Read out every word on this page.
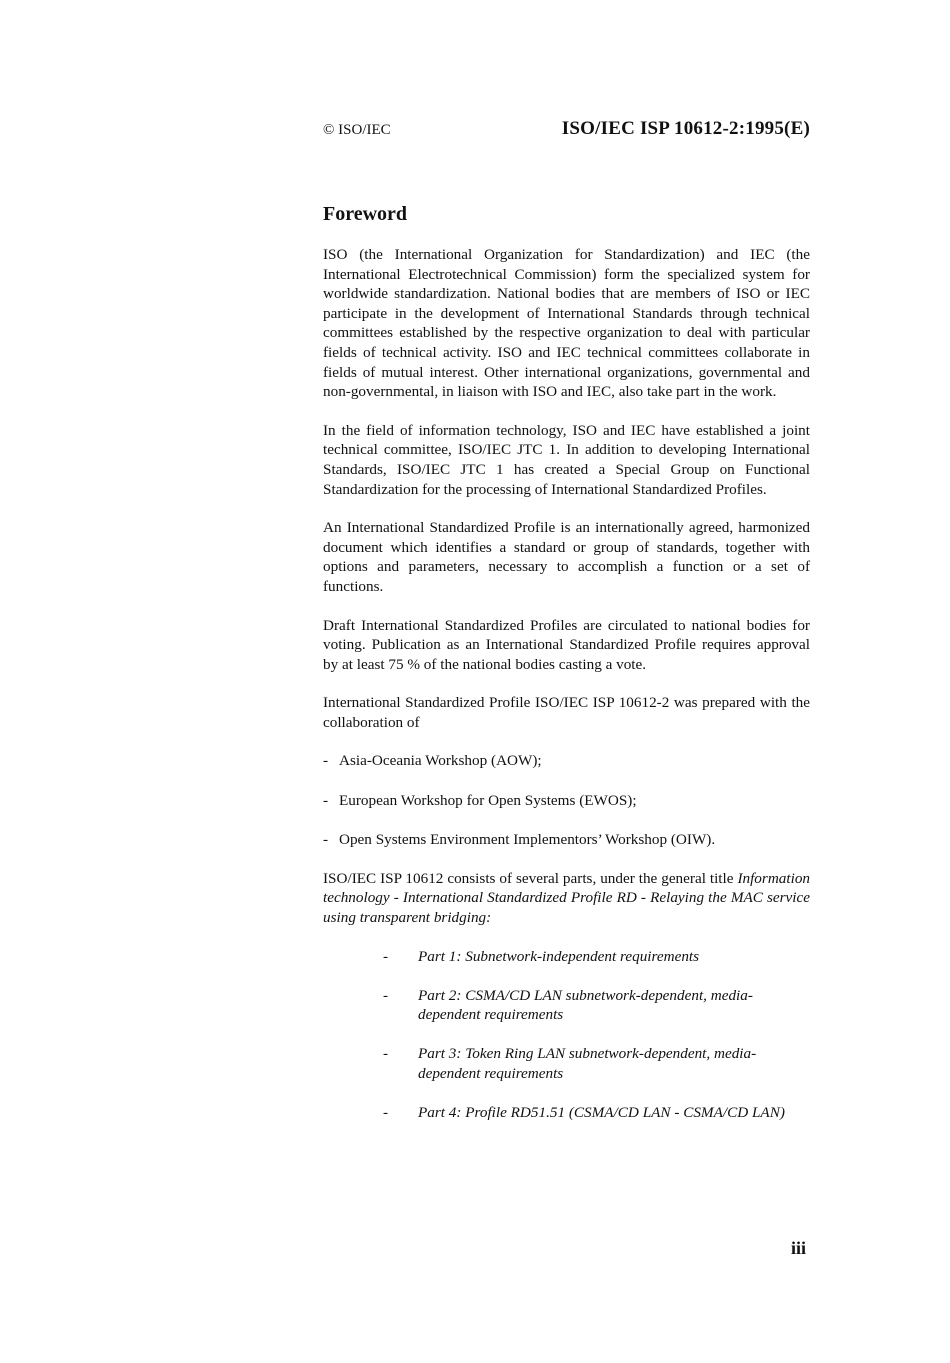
© ISO/IEC	ISO/IEC ISP 10612-2:1995(E)
Foreword

ISO (the International Organization for Standardization) and IEC (the International Electrotechnical Commission) form the specialized system for worldwide standardization. National bodies that are members of ISO or IEC participate in the development of International Standards through technical committees established by the respective organization to deal with particular fields of technical activity. ISO and IEC technical committees collaborate in fields of mutual interest. Other international organizations, governmental and non-governmental, in liaison with ISO and IEC, also take part in the work.

In the field of information technology, ISO and IEC have established a joint technical committee, ISO/IEC JTC 1. In addition to developing International Standards, ISO/IEC JTC 1 has created a Special Group on Functional Standardization for the processing of International Standardized Profiles.

An International Standardized Profile is an internationally agreed, harmonized document which identifies a standard or group of standards, together with options and parameters, necessary to accomplish a function or a set of functions.

Draft International Standardized Profiles are circulated to national bodies for voting. Publication as an International Standardized Profile requires approval by at least 75 % of the national bodies casting a vote.

International Standardized Profile ISO/IEC ISP 10612-2 was prepared with the collaboration of

- Asia-Oceania Workshop (AOW);
- European Workshop for Open Systems (EWOS);
- Open Systems Environment Implementors’ Workshop (OIW).

ISO/IEC ISP 10612 consists of several parts, under the general title Information technology - International Standardized Profile RD - Relaying the MAC service using transparent bridging:

- Part 1: Subnetwork-independent requirements
- Part 2: CSMA/CD LAN subnetwork-dependent, media-dependent requirements
- Part 3: Token Ring LAN subnetwork-dependent, media-dependent requirements
- Part 4: Profile RD51.51 (CSMA/CD LAN - CSMA/CD LAN)
iii
